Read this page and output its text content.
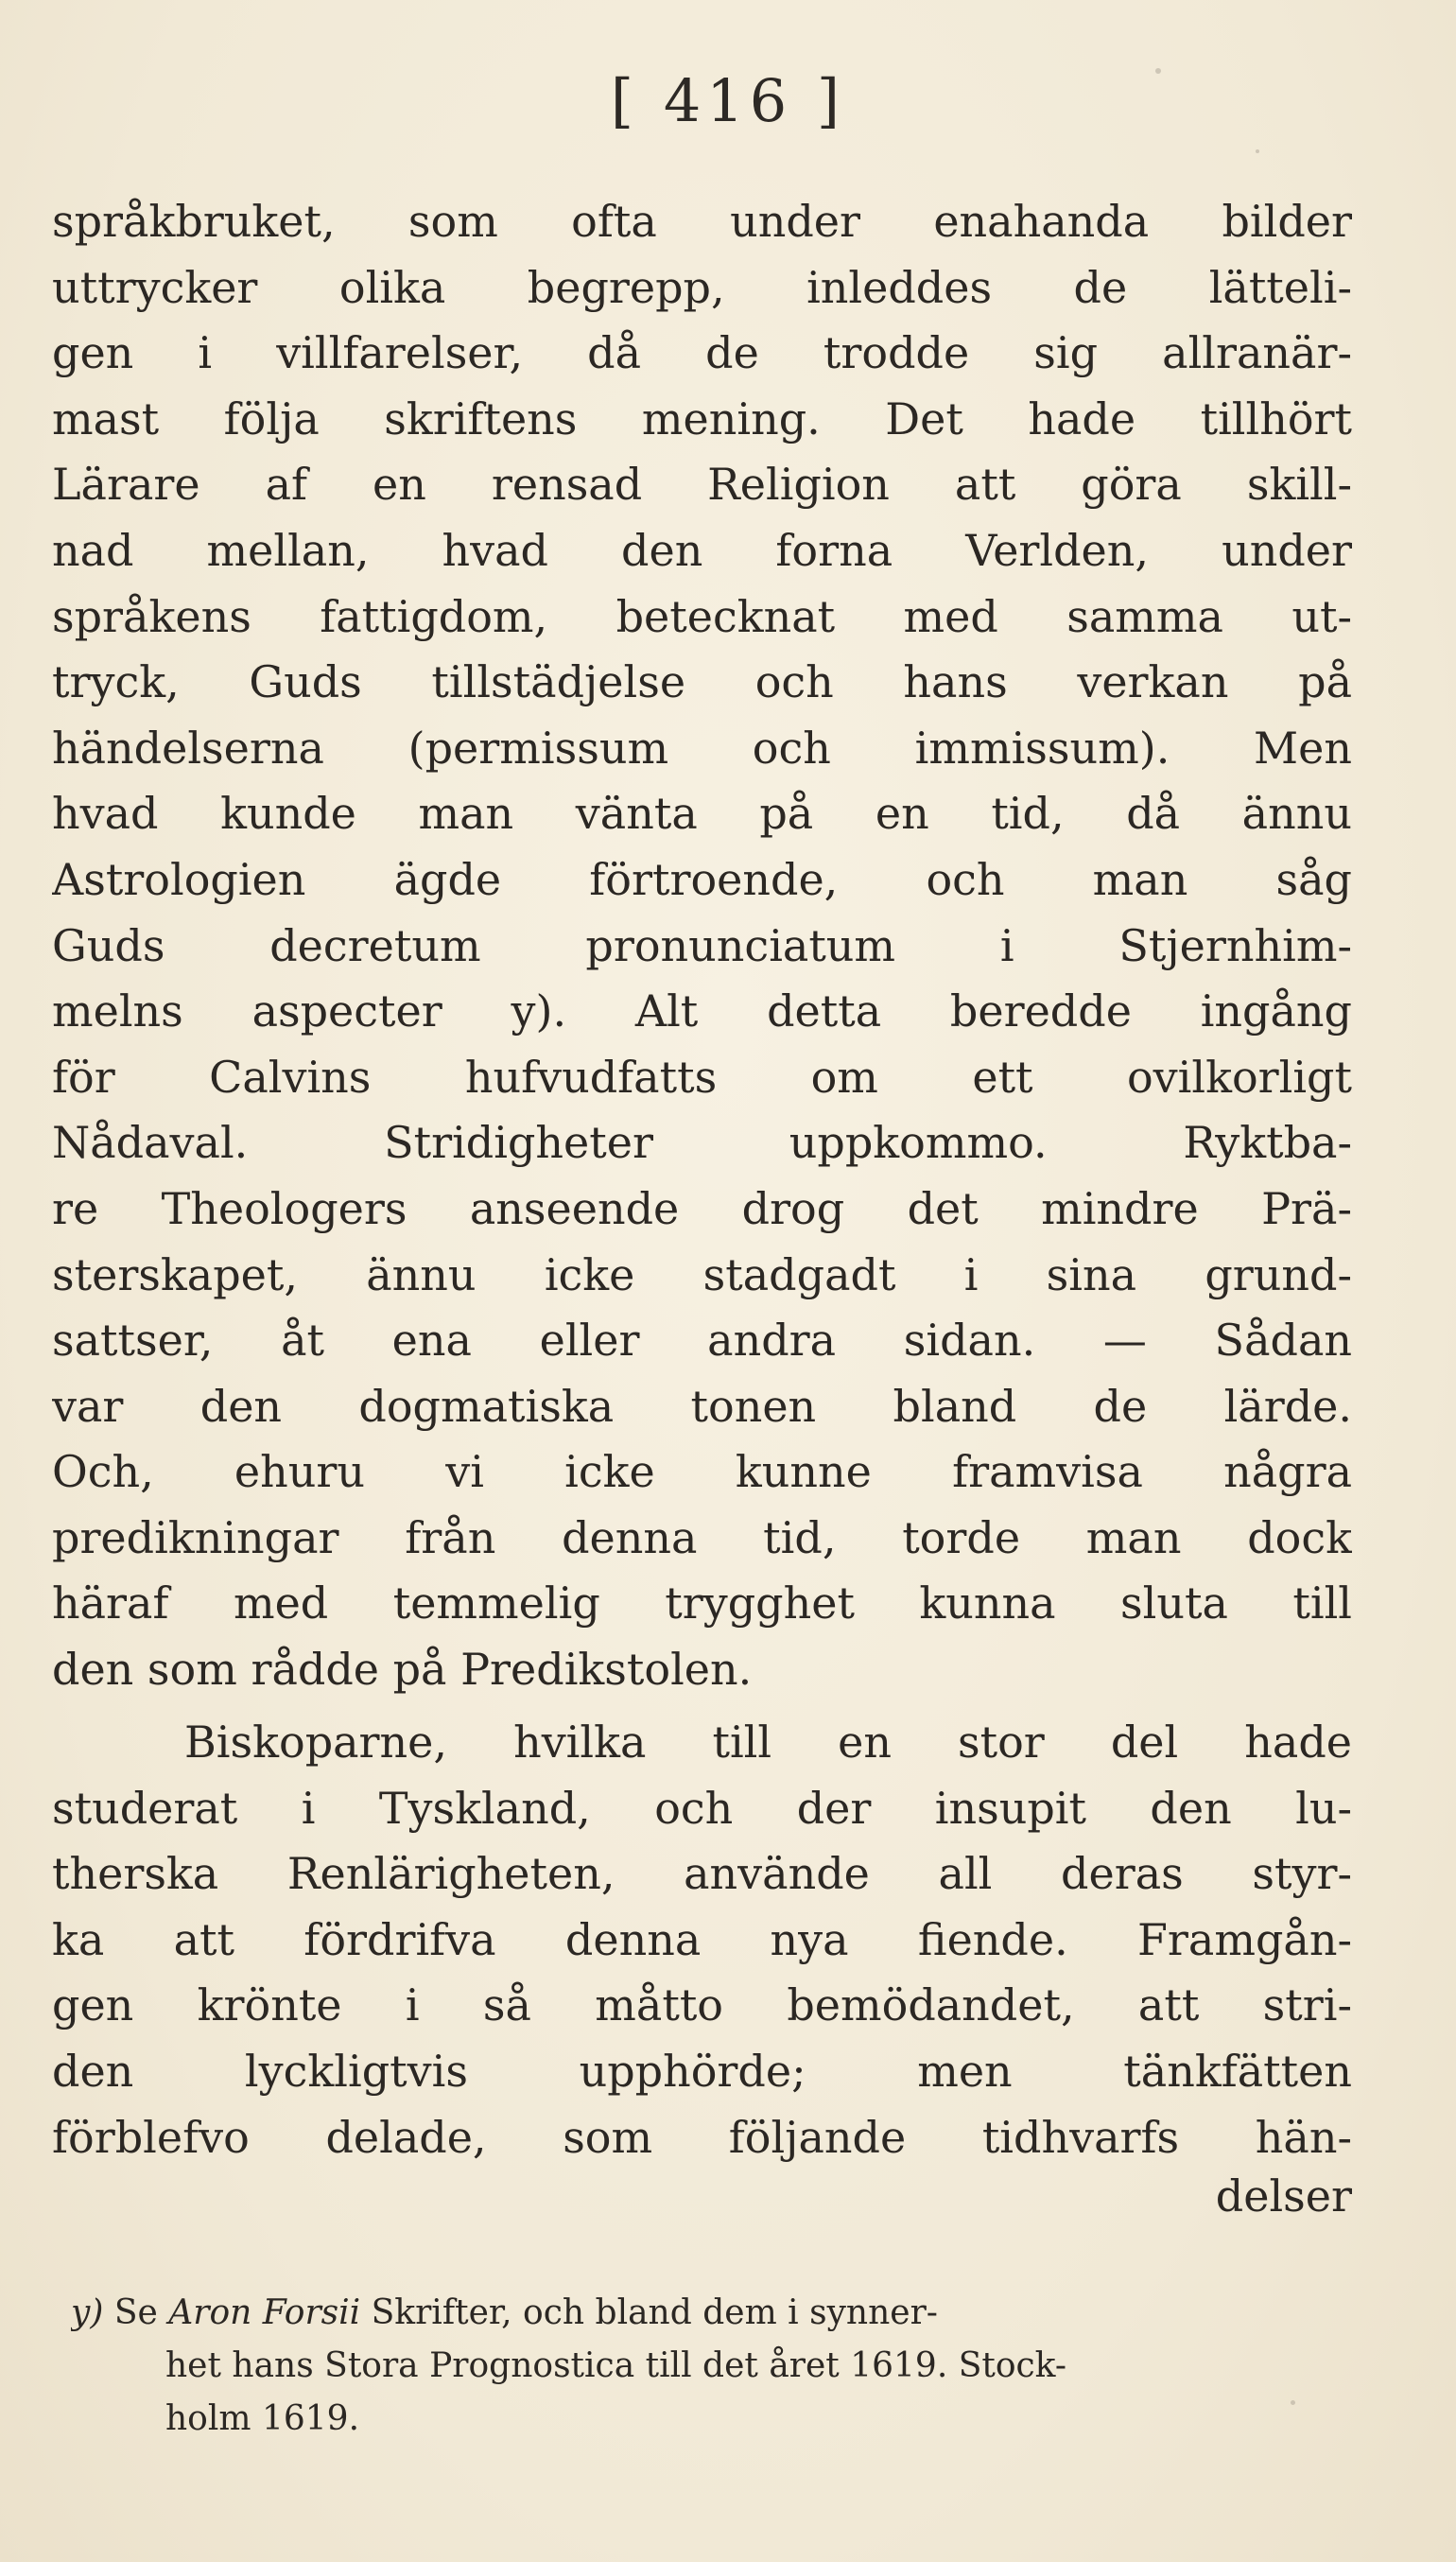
[ 416 ]
språkbruket, som ofta under enahanda bilder
uttrycker olika begrepp, inleddes de lätteli-
gen i villfarelser, då de trodde sig allranär-
mast följa skriftens mening. Det hade tillhört
Lärare af en rensad Religion att göra skill-
nad mellan, hvad den forna Verlden, under
språkens fattigdom, betecknat med samma ut-
tryck, Guds tillstädjelse och hans verkan på
händelserna (permissum och immissum). Men
hvad kunde man vänta på en tid, då ännu
Astrologien ägde förtroende, och man såg
Guds decretum pronunciatum i Stjernhim-
melns aspecter y). Alt detta beredde ingång
för Calvins hufvudfatts om ett ovilkorligt
Nådaval. Stridigheter uppkommo. Ryktba-
re Theologers anseende drog det mindre Prä-
sterskapet, ännu icke stadgadt i sina grund-
sattser, åt ena eller andra sidan. — Sådan
var den dogmatiska tonen bland de lärde.
Och, ehuru vi icke kunne framvisa några
predikningar från denna tid, torde man dock
häraf med temmelig trygghet kunna sluta till
den som rådde på Predikstolen.
Biskoparne, hvilka till en stor del hade
studerat i Tyskland, och der insupit den lu-
therska Renlärigheten, använde all deras styr-
ka att fördrifva denna nya fiende. Framgån-
gen krönte i så måtto bemödandet, att stri-
den lyckligtvis upphörde; men tänkfätten
förblefvo delade, som följande tidhvarfs hän-
delser
y) Se Aron Forsii Skrifter, och bland dem i synner-
het hans Stora Prognostica till det året 1619. Stock-
holm 1619.
